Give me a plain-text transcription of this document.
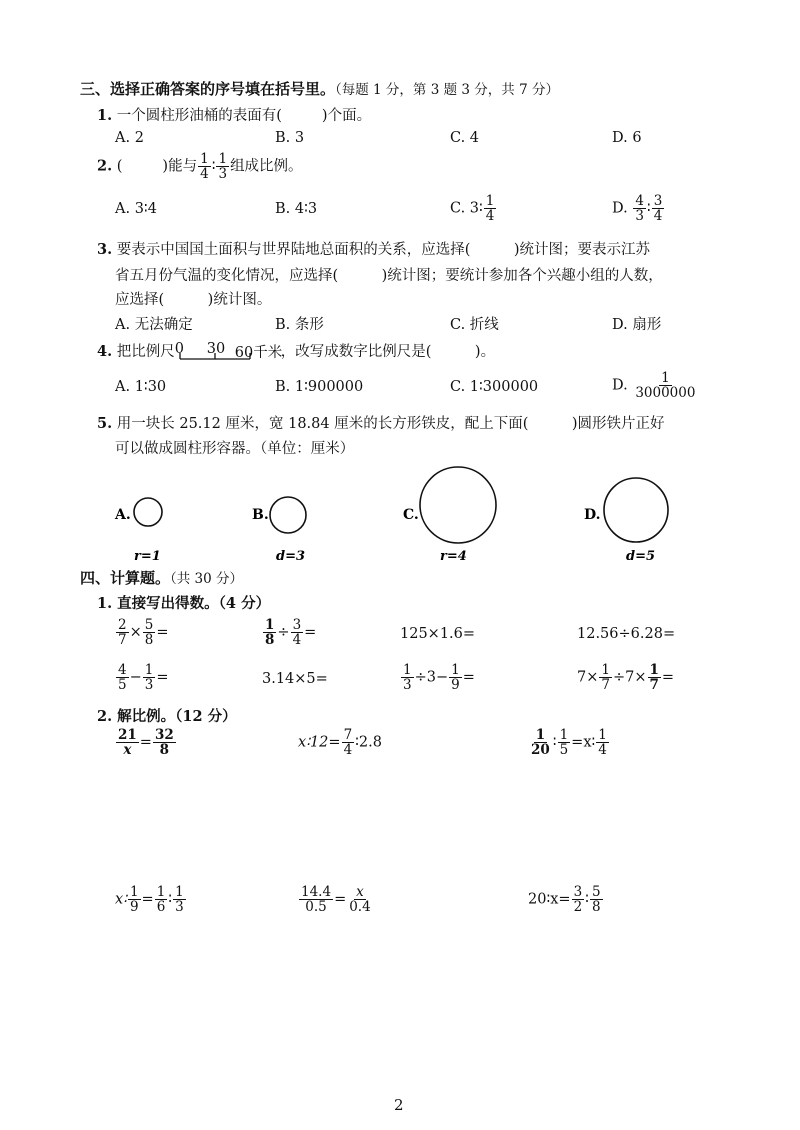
三、选择正确答案的序号填在括号里。（每题 1 分，第 3 题 3 分，共 7 分）
1. 一个圆柱形油桶的表面有(	)个面。
A. 2	B. 3	C. 4	D. 6
2. (	)能与 $\frac{1}{4}$ ∶ $\frac{1}{3}$ 组成比例。
A. 3∶4	B. 4∶3	C. 3∶ $\frac{1}{4}$	D. $\frac{4}{3}$ ∶ $\frac{3}{4}$
3. 要表示中国国土面积与世界陆地总面积的关系，应选择(　　　)统计图；要表示江苏
省五月份气温的变化情况，应选择(　　　)统计图；要统计参加各个兴趣小组的人数，
应选择(　　　)统计图。
A. 无法确定	B. 条形	C. 折线	D. 扇形
4. 把比例尺 0 30 60千米
，改写成数字比例尺是(　　　)。
A. 1∶30	B. 1∶900000	C. 1∶300000	D. $\frac{1}{3000000}$
5. 用一块长 25.12 厘米，宽 18.84 厘米的长方形铁皮，配上下面(　　　)圆形铁片正好
可以做成圆柱形容器。（单位：厘米）
A.
r=1
B.
d=3
C.
r=4
D.
d=5
四、计算题。（共 30 分）
1. 直接写出得数。（4 分）
$\frac{2}{7} \times \frac{5}{8}$ =	$\frac{1}{8} \div \frac{3}{4}$ =	125×1.6=	12.56÷6.28=
$\frac{4}{5} - \frac{1}{3}$ =	3.14×5=	$\frac{1}{3} \div 3- \frac{1}{9}$ =	$7\times \frac{1}{7} \div 7\times \frac{1}{7}$ =
2. 解比例。（12 分）
$\frac{21}{x} = \frac{32}{8}$	x∶12= $\frac{7}{4}$ ∶2.8	$\frac{1}{20}$ ∶ $\frac{1}{5}$ =x∶ $\frac{1}{4}$
x∶ $\frac{1}{9} = \frac{1}{6}$ ∶ $\frac{1}{3}$	$\frac{14.4}{0.5} = \frac{x}{0.4}$	20∶x= $\frac{3}{2}$ ∶ $\frac{5}{8}$
2
